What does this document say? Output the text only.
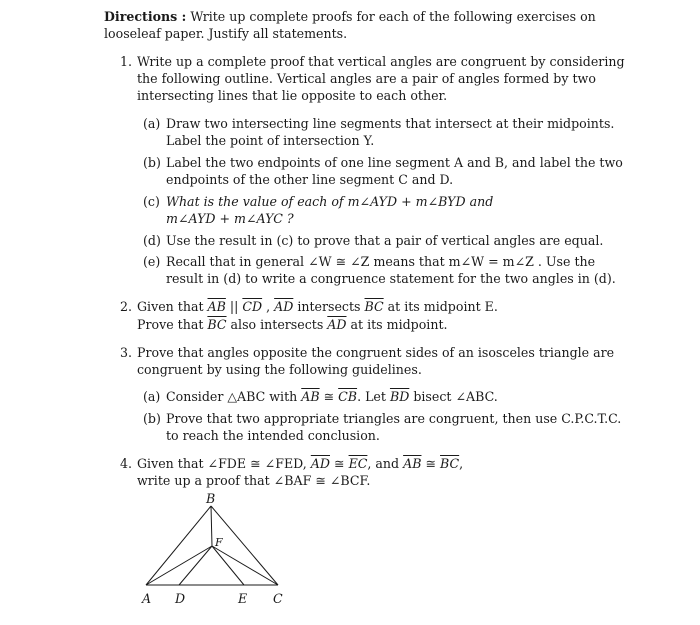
Directions : Write up complete proofs for each of the following exercises on
looseleaf paper. Justify all statements.
1. Write up a complete proof that vertical angles are congruent by considering
the following outline. Vertical angles are a pair of angles formed by two
intersecting lines that lie opposite to each other.
(a) Draw two intersecting line segments that intersect at their midpoints.
Label the point of intersection Y.
(b) Label the two endpoints of one line segment A and B, and label the two
endpoints of the other line segment C and D.
(c) What is the value of each of m∠AYD + m∠BYD and
m∠AYD + m∠AYC ?
(d) Use the result in (c) to prove that a pair of vertical angles are equal.
(e) Recall that in general ∠W ≅ ∠Z means that m∠W = m∠Z . Use the
result in (d) to write a congruence statement for the two angles in (d).
2. Given that $\overline{AB}$ || $\overline{CD}$ , $\overline{AD}$ intersects $\overline{BC}$ at its midpoint E.
Prove that $\overline{BC}$ also intersects $\overline{AD}$ at its midpoint.
3. Prove that angles opposite the congruent sides of an isosceles triangle are
congruent by using the following guidelines.
(a) Consider △ABC with $\overline{AB}$ ≅ $\overline{CB}$. Let $\overline{BD}$ bisect ∠ABC.
(b) Prove that two appropriate triangles are congruent, then use C.P.C.T.C.
to reach the intended conclusion.
4. Given that ∠FDE ≅ ∠FED, $\overline{AD}$ ≅ $\overline{EC}$, and $\overline{AB}$ ≅ $\overline{BC}$,
write up a proof that ∠BAF ≅ ∠BCF.
B
F
A D	E C
